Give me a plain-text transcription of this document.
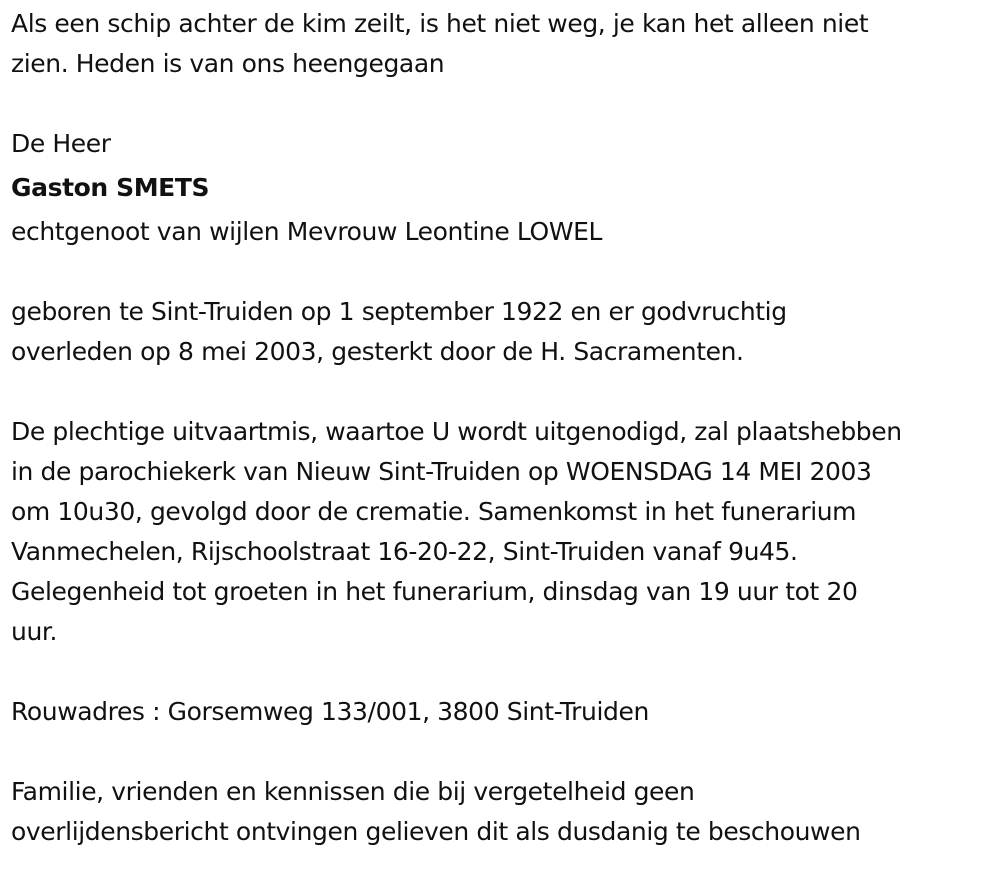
Als een schip achter de kim zeilt, is het niet weg, je kan het alleen niet
zien. Heden is van ons heengegaan
De Heer
Gaston SMETS
echtgenoot van wijlen Mevrouw Leontine LOWEL
geboren te Sint-Truiden op 1 september 1922 en er godvruchtig
overleden op 8 mei 2003, gesterkt door de H. Sacramenten.
De plechtige uitvaartmis, waartoe U wordt uitgenodigd, zal plaatshebben
in de parochiekerk van Nieuw Sint-Truiden op WOENSDAG 14 MEI 2003
om 10u30, gevolgd door de crematie. Samenkomst in het funerarium
Vanmechelen, Rijschoolstraat 16-20-22, Sint-Truiden vanaf 9u45.
Gelegenheid tot groeten in het funerarium, dinsdag van 19 uur tot 20
uur.
Rouwadres : Gorsemweg 133/001, 3800 Sint-Truiden
Familie, vrienden en kennissen die bij vergetelheid geen
overlijdensbericht ontvingen gelieven dit als dusdanig te beschouwen
